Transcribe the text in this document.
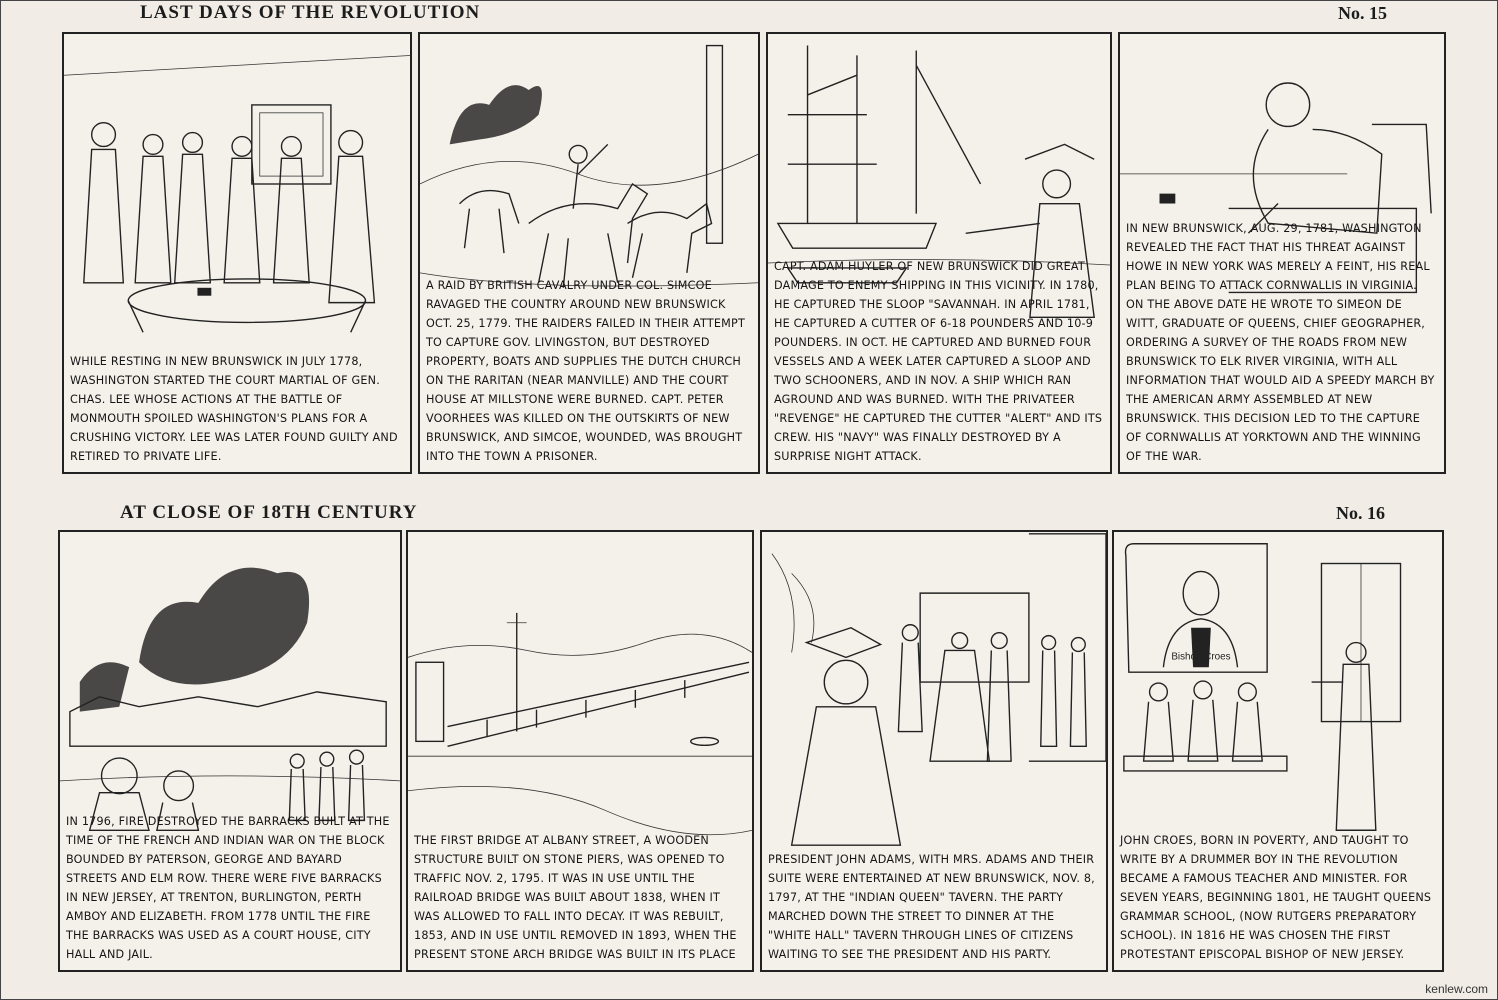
LAST DAYS OF THE REVOLUTION	No. 15
WHILE RESTING IN NEW BRUNSWICK IN JULY 1778, WASHINGTON STARTED THE COURT MARTIAL OF GEN. CHAS. LEE WHOSE ACTIONS AT THE BATTLE OF MONMOUTH SPOILED WASHINGTON'S PLANS FOR A CRUSHING VICTORY. LEE WAS LATER FOUND GUILTY AND RETIRED TO PRIVATE LIFE.
A RAID BY BRITISH CAVALRY UNDER COL. SIMCOE RAVAGED THE COUNTRY AROUND NEW BRUNSWICK OCT. 25, 1779. THE RAIDERS FAILED IN THEIR ATTEMPT TO CAPTURE GOV. LIVINGSTON, BUT DESTROYED PROPERTY, BOATS AND SUPPLIES THE DUTCH CHURCH ON THE RARITAN (NEAR MANVILLE) AND THE COURT HOUSE AT MILLSTONE WERE BURNED. CAPT. PETER VOORHEES WAS KILLED ON THE OUTSKIRTS OF NEW BRUNSWICK, AND SIMCOE, WOUNDED, WAS BROUGHT INTO THE TOWN A PRISONER.
CAPT. ADAM HUYLER OF NEW BRUNSWICK DID GREAT DAMAGE TO ENEMY SHIPPING IN THIS VICINITY. IN 1780, HE CAPTURED THE SLOOP "SAVANNAH. IN APRIL 1781, HE CAPTURED A CUTTER OF 6-18 POUNDERS AND 10-9 POUNDERS. IN OCT. HE CAPTURED AND BURNED FOUR VESSELS AND A WEEK LATER CAPTURED A SLOOP AND TWO SCHOONERS, AND IN NOV. A SHIP WHICH RAN AGROUND AND WAS BURNED. WITH THE PRIVATEER "REVENGE" HE CAPTURED THE CUTTER "ALERT" AND ITS CREW. HIS "NAVY" WAS FINALLY DESTROYED BY A SURPRISE NIGHT ATTACK.
IN NEW BRUNSWICK, AUG. 29, 1781, WASHINGTON REVEALED THE FACT THAT HIS THREAT AGAINST HOWE IN NEW YORK WAS MERELY A FEINT, HIS REAL PLAN BEING TO ATTACK CORNWALLIS IN VIRGINIA. ON THE ABOVE DATE HE WROTE TO SIMEON DE WITT, GRADUATE OF QUEENS, CHIEF GEOGRAPHER, ORDERING A SURVEY OF THE ROADS FROM NEW BRUNSWICK TO ELK RIVER VIRGINIA, WITH ALL INFORMATION THAT WOULD AID A SPEEDY MARCH BY THE AMERICAN ARMY ASSEMBLED AT NEW BRUNSWICK. THIS DECISION LED TO THE CAPTURE OF CORNWALLIS AT YORKTOWN AND THE WINNING OF THE WAR.
AT CLOSE OF 18TH CENTURY	No. 16
IN 1796, FIRE DESTROYED THE BARRACKS BUILT AT THE TIME OF THE FRENCH AND INDIAN WAR ON THE BLOCK BOUNDED BY PATERSON, GEORGE AND BAYARD STREETS AND ELM ROW. THERE WERE FIVE BARRACKS IN NEW JERSEY, AT TRENTON, BURLINGTON, PERTH AMBOY AND ELIZABETH. FROM 1778 UNTIL THE FIRE THE BARRACKS WAS USED AS A COURT HOUSE, CITY HALL AND JAIL.
THE FIRST BRIDGE AT ALBANY STREET, A WOODEN STRUCTURE BUILT ON STONE PIERS, WAS OPENED TO TRAFFIC NOV. 2, 1795. IT WAS IN USE UNTIL THE RAILROAD BRIDGE WAS BUILT ABOUT 1838, WHEN IT WAS ALLOWED TO FALL INTO DECAY. IT WAS REBUILT, 1853, AND IN USE UNTIL REMOVED IN 1893, WHEN THE PRESENT STONE ARCH BRIDGE WAS BUILT IN ITS PLACE
PRESIDENT JOHN ADAMS, WITH MRS. ADAMS AND THEIR SUITE WERE ENTERTAINED AT NEW BRUNSWICK, NOV. 8, 1797, AT THE "INDIAN QUEEN" TAVERN. THE PARTY MARCHED DOWN THE STREET TO DINNER AT THE "WHITE HALL" TAVERN THROUGH LINES OF CITIZENS WAITING TO SEE THE PRESIDENT AND HIS PARTY.
Bishop Croes
JOHN CROES, BORN IN POVERTY, AND TAUGHT TO WRITE BY A DRUMMER BOY IN THE REVOLUTION BECAME A FAMOUS TEACHER AND MINISTER. FOR SEVEN YEARS, BEGINNING 1801, HE TAUGHT QUEENS GRAMMAR SCHOOL, (NOW RUTGERS PREPARATORY SCHOOL). IN 1816 HE WAS CHOSEN THE FIRST PROTESTANT EPISCOPAL BISHOP OF NEW JERSEY.
kenlew.com
